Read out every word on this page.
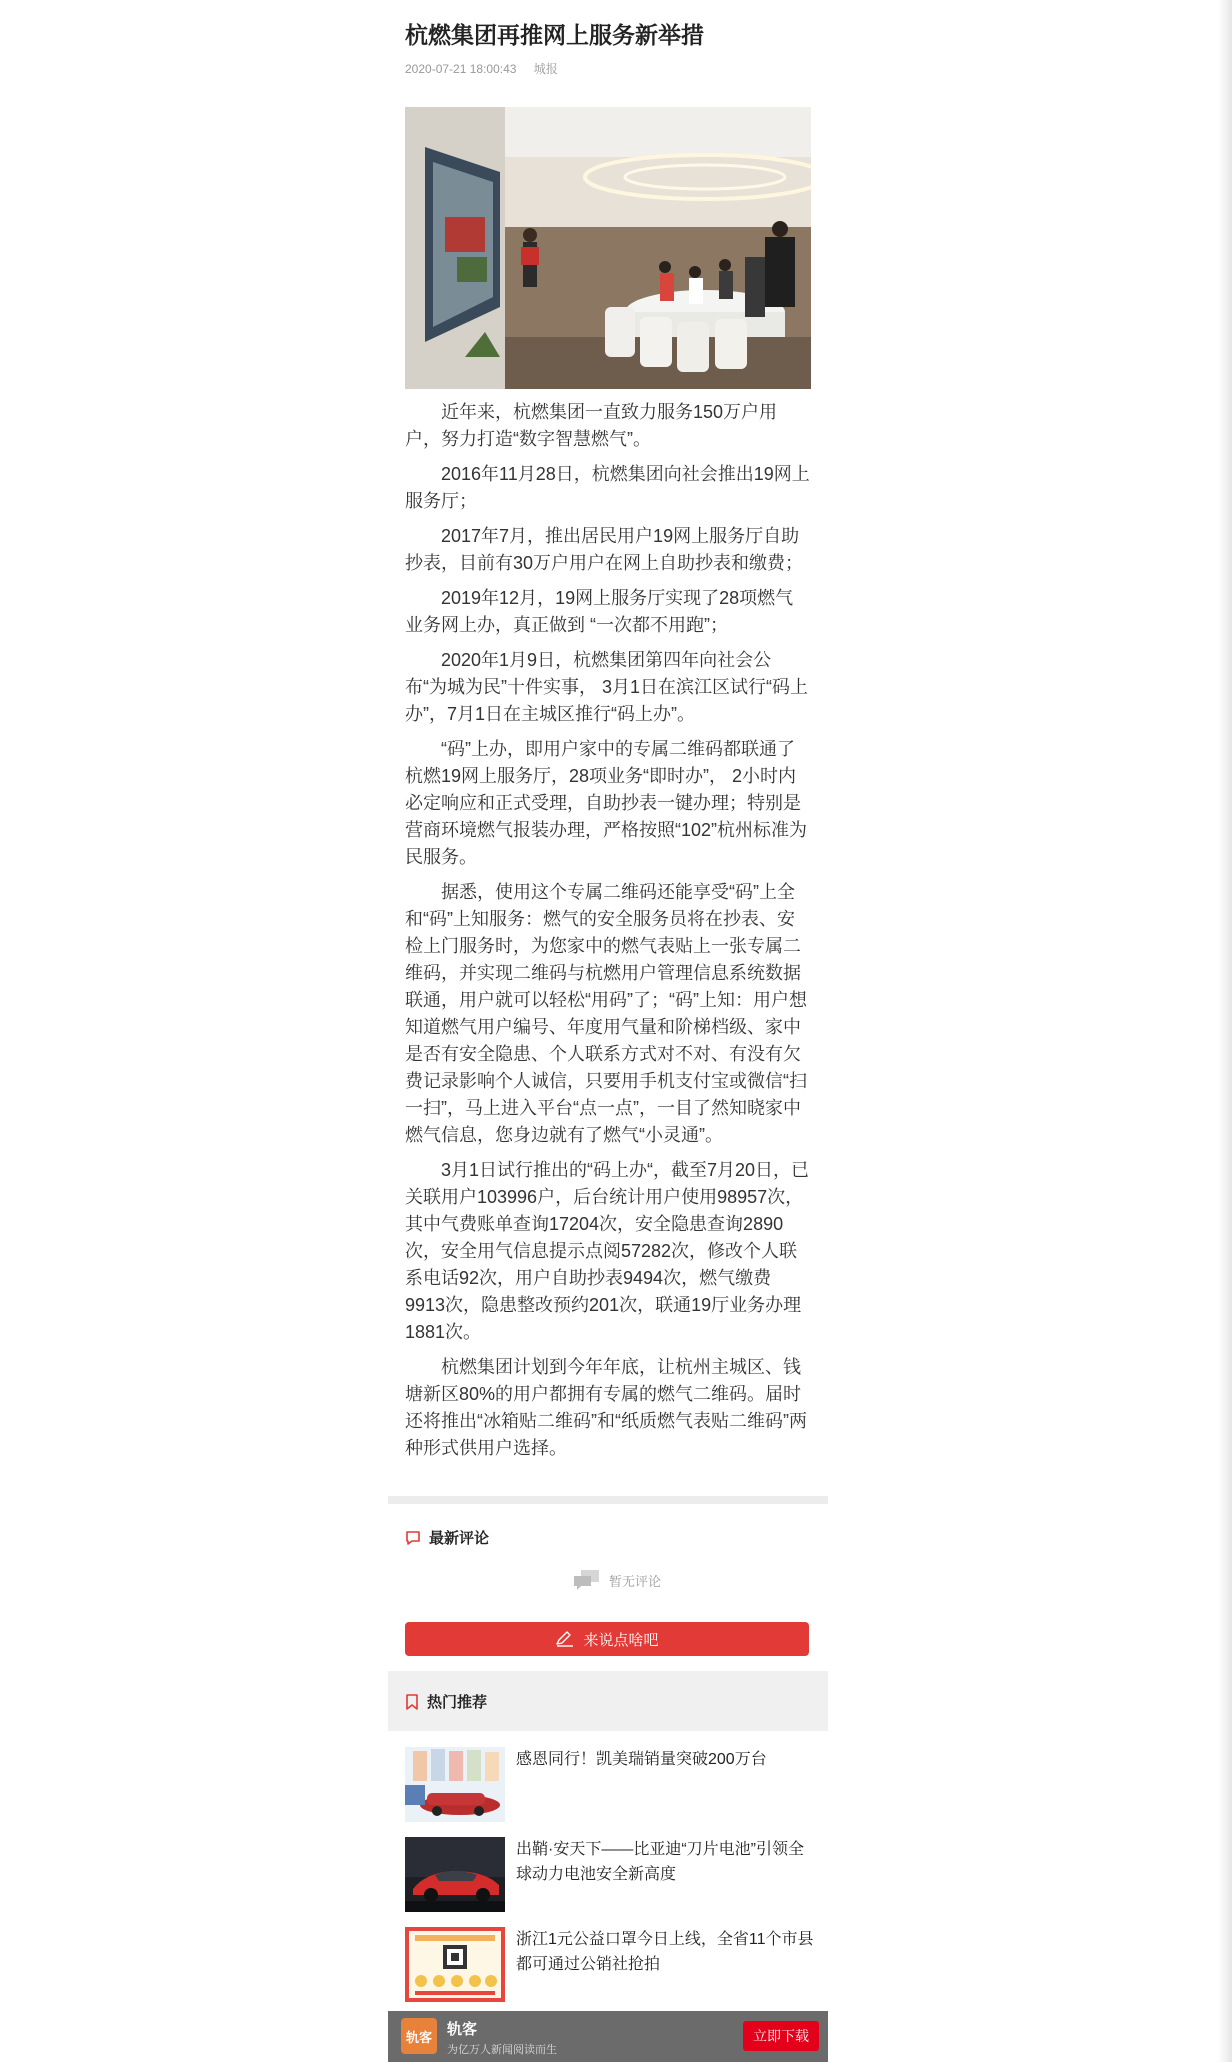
杭燃集团再推网上服务新举措
2020-07-21 18:00:43 城报

近年来，杭燃集团一直致力服务150万户用户，努力打造“数字智慧燃气”。

2016年11月28日，杭燃集团向社会推出19网上服务厅；

2017年7月，推出居民用户19网上服务厅自助抄表，目前有30万户用户在网上自助抄表和缴费；

2019年12月，19网上服务厅实现了28项燃气业务网上办，真正做到 “一次都不用跑”；

2020年1月9日，杭燃集团第四年向社会公布“为城为民”十件实事， 3月1日在滨江区试行“码上办”，7月1日在主城区推行“码上办”。

“码”上办，即用户家中的专属二维码都联通了杭燃19网上服务厅，28项业务“即时办”， 2小时内必定响应和正式受理，自助抄表一键办理；特别是营商环境燃气报装办理，严格按照“102”杭州标准为民服务。

据悉，使用这个专属二维码还能享受“码”上全和“码”上知服务：燃气的安全服务员将在抄表、安检上门服务时，为您家中的燃气表贴上一张专属二维码，并实现二维码与杭燃用户管理信息系统数据联通，用户就可以轻松“用码”了；“码”上知：用户想知道燃气用户编号、年度用气量和阶梯档级、家中是否有安全隐患、个人联系方式对不对、有没有欠费记录影响个人诚信，只要用手机支付宝或微信“扫一扫”，马上进入平台“点一点”，一目了然知晓家中燃气信息，您身边就有了燃气“小灵通”。

3月1日试行推出的“码上办“，截至7月20日，已关联用户103996户，后台统计用户使用98957次，其中气费账单查询17204次，安全隐患查询2890次，安全用气信息提示点阅57282次，修改个人联系电话92次，用户自助抄表9494次，燃气缴费9913次，隐患整改预约201次，联通19厅业务办理1881次。

杭燃集团计划到今年年底，让杭州主城区、钱塘新区80%的用户都拥有专属的燃气二维码。届时还将推出“冰箱贴二维码”和“纸质燃气表贴二维码”两种形式供用户选择。

最新评论
暂无评论
来说点啥吧
热门推荐
感恩同行！凯美瑞销量突破200万台
出鞘·安天下——比亚迪“刀片电池”引领全球动力电池安全新高度
浙江1元公益口罩今日上线，全省11个市县都可通过公销社抢拍
轨客	轨客
为亿万人新闻阅读而生
立即下载
